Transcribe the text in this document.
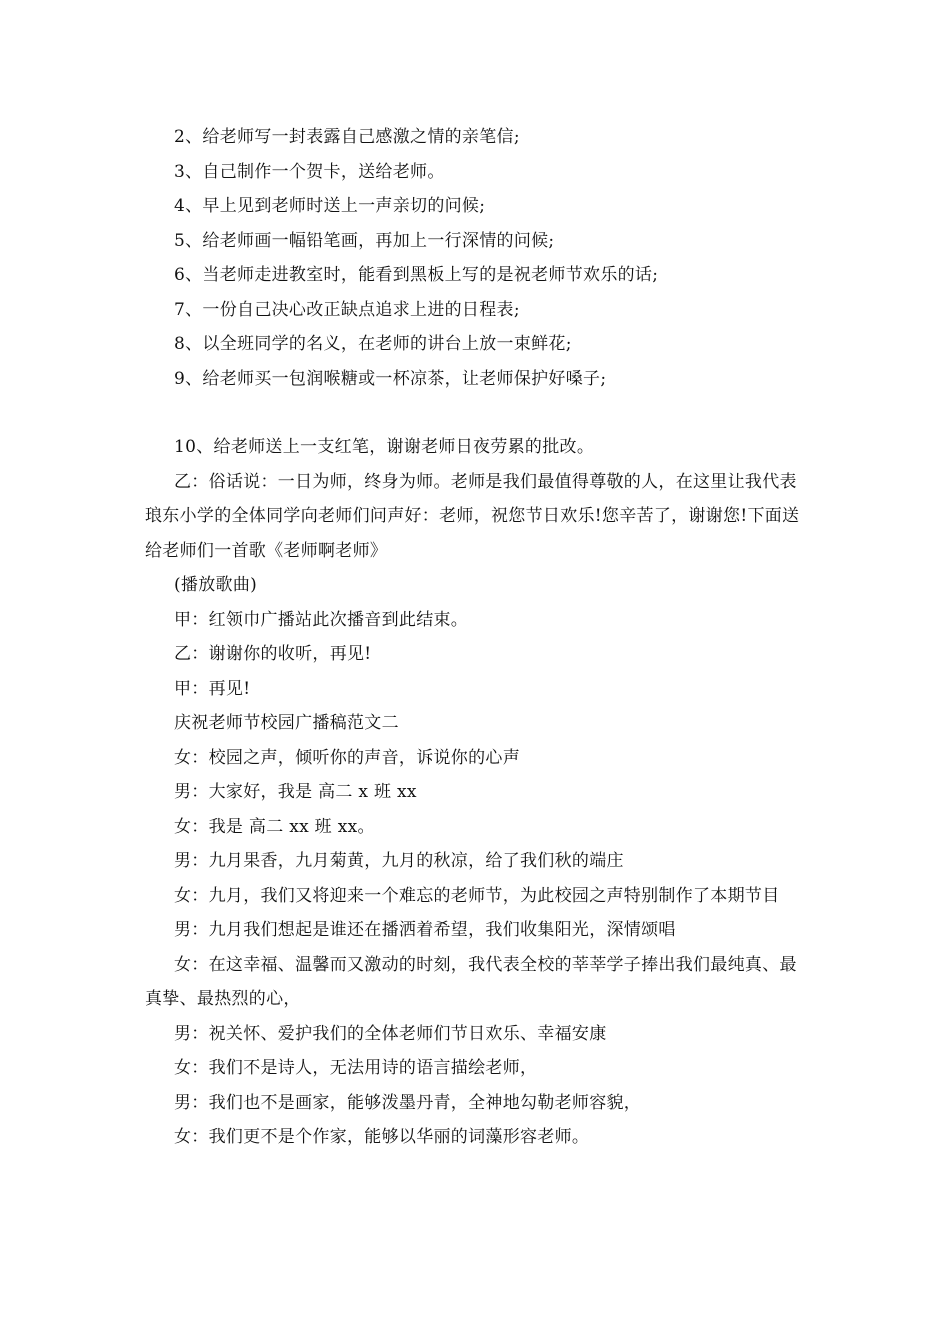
2、给老师写一封表露自己感激之情的亲笔信;

3、自己制作一个贺卡，送给老师。

4、早上见到老师时送上一声亲切的问候;

5、给老师画一幅铅笔画，再加上一行深情的问候;

6、当老师走进教室时，能看到黑板上写的是祝老师节欢乐的话;

7、一份自己决心改正缺点追求上进的日程表;

8、以全班同学的名义，在老师的讲台上放一束鲜花;

9、给老师买一包润喉糖或一杯凉茶，让老师保护好嗓子;

10、给老师送上一支红笔，谢谢老师日夜劳累的批改。

乙：俗话说：一日为师，终身为师。老师是我们最值得尊敬的人，在这里让我代表琅东小学的全体同学向老师们问声好：老师，祝您节日欢乐!您辛苦了，谢谢您!下面送给老师们一首歌《老师啊老师》

(播放歌曲)

甲：红领巾广播站此次播音到此结束。

乙：谢谢你的收听，再见!

甲：再见!

庆祝老师节校园广播稿范文二

女：校园之声，倾听你的声音，诉说你的心声

男：大家好，我是 高二 x 班 xx

女：我是 高二 xx 班 xx。

男：九月果香，九月菊黄，九月的秋凉，给了我们秋的端庄

女：九月，我们又将迎来一个难忘的老师节，为此校园之声特别制作了本期节目

男：九月我们想起是谁还在播洒着希望，我们收集阳光，深情颂唱

女：在这幸福、温馨而又激动的时刻，我代表全校的莘莘学子捧出我们最纯真、最真挚、最热烈的心，

男：祝关怀、爱护我们的全体老师们节日欢乐、幸福安康

女：我们不是诗人，无法用诗的语言描绘老师，

男：我们也不是画家，能够泼墨丹青，全神地勾勒老师容貌，

女：我们更不是个作家，能够以华丽的词藻形容老师。
